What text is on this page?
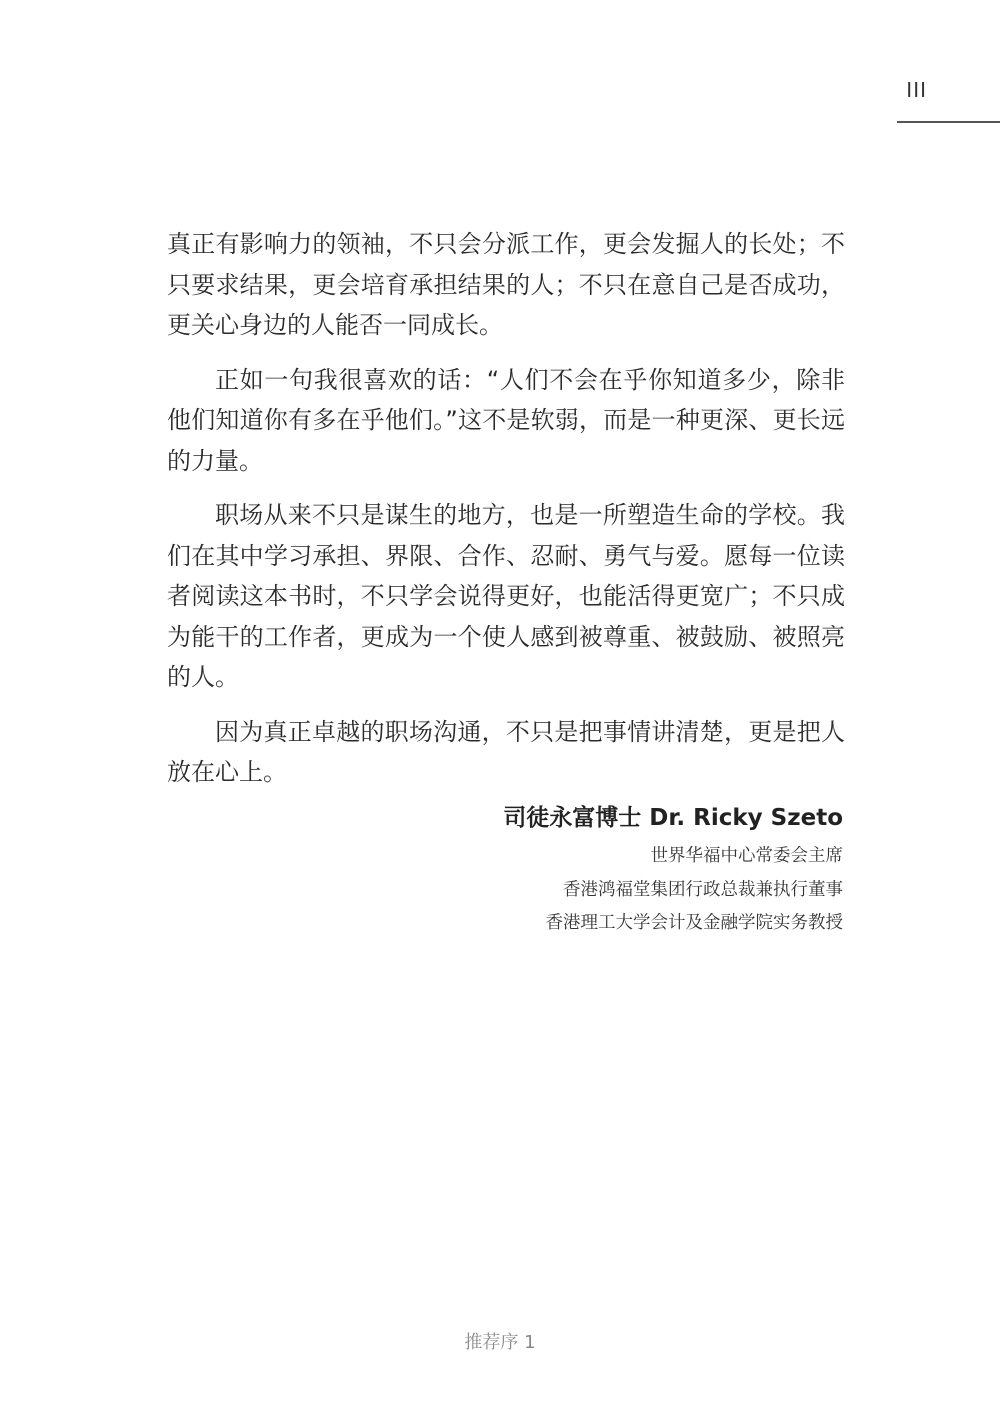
III

真正有影响力的领袖，不只会分派工作，更会发掘人的长处；不只要求结果，更会培育承担结果的人；不只在意自己是否成功，更关心身边的人能否一同成长。

正如一句我很喜欢的话：“人们不会在乎你知道多少，除非他们知道你有多在乎他们。”这不是软弱，而是一种更深、更长远的力量。

职场从来不只是谋生的地方，也是一所塑造生命的学校。我们在其中学习承担、界限、合作、忍耐、勇气与爱。愿每一位读者阅读这本书时，不只学会说得更好，也能活得更宽广；不只成为能干的工作者，更成为一个使人感到被尊重、被鼓励、被照亮的人。

因为真正卓越的职场沟通，不只是把事情讲清楚，更是把人放在心上。

司徒永富博士 Dr. Ricky Szeto
世界华福中心常委会主席
香港鸿福堂集团行政总裁兼执行董事
香港理工大学会计及金融学院实务教授
推荐序 1
